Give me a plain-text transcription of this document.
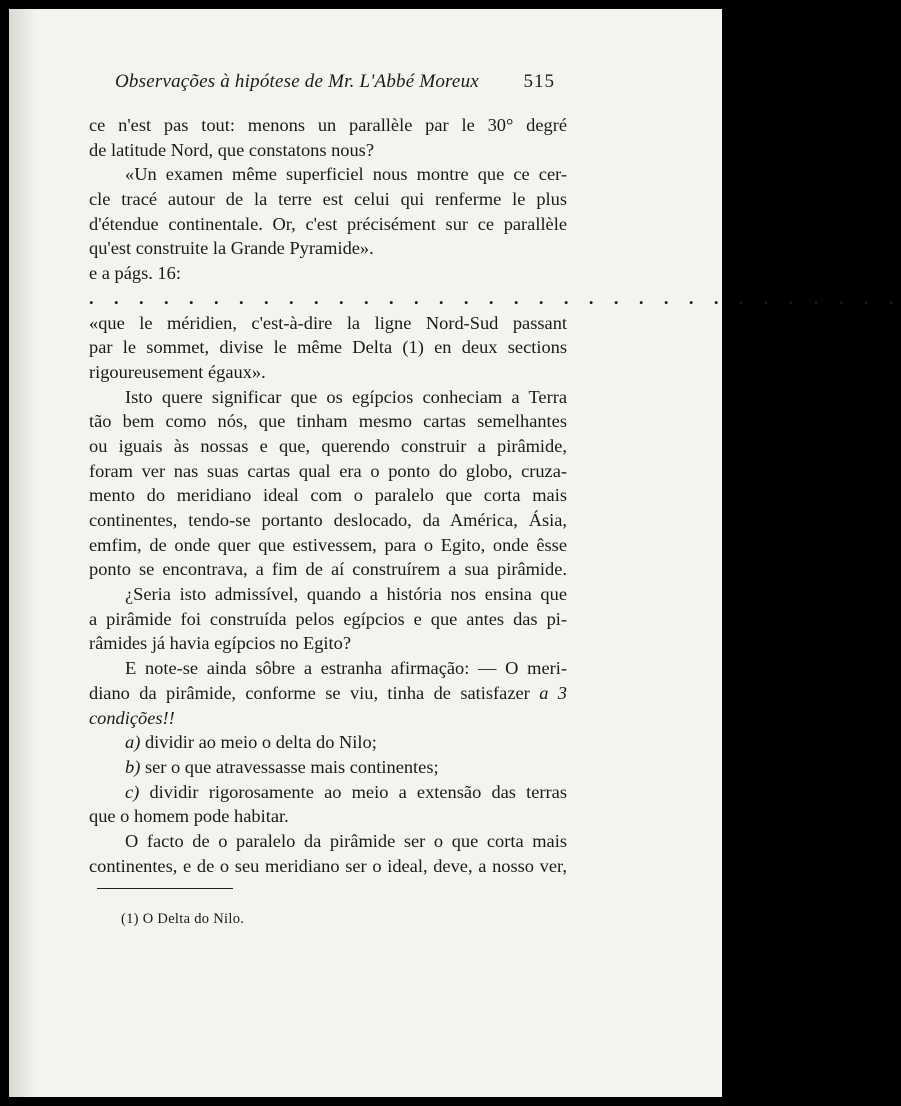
Observações à hipótese de Mr. L'Abbé Moreux 515
ce n'est pas tout: menons un parallèle par le 30° degré
de latitude Nord, que constatons nous?
«Un examen même superficiel nous montre que ce cer-
cle tracé autour de la terre est celui qui renferme le plus
d'étendue continentale. Or, c'est précisément sur ce parallèle
qu'est construite la Grande Pyramide».
e a págs. 16:
. . . . . . . . . . . . . . . . . . . . . . . . . . . . . . . . .
«que le méridien, c'est-à-dire la ligne Nord-Sud passant
par le sommet, divise le même Delta (1) en deux sections
rigoureusement égaux».
Isto quere significar que os egípcios conheciam a Terra
tão bem como nós, que tinham mesmo cartas semelhantes
ou iguais às nossas e que, querendo construir a pirâmide,
foram ver nas suas cartas qual era o ponto do globo, cruza-
mento do meridiano ideal com o paralelo que corta mais
continentes, tendo-se portanto deslocado, da América, Ásia,
emfim, de onde quer que estivessem, para o Egito, onde êsse
ponto se encontrava, a fim de aí construírem a sua pirâmide.
¿Seria isto admissível, quando a história nos ensina que
a pirâmide foi construída pelos egípcios e que antes das pi-
râmides já havia egípcios no Egito?
E note-se ainda sôbre a estranha afirmação: — O meri-
diano da pirâmide, conforme se viu, tinha de satisfazer a 3
condições!!
a) dividir ao meio o delta do Nilo;
b) ser o que atravessasse mais continentes;
c) dividir rigorosamente ao meio a extensão das terras
que o homem pode habitar.
O facto de o paralelo da pirâmide ser o que corta mais
continentes, e de o seu meridiano ser o ideal, deve, a nosso ver,
(1) O Delta do Nilo.
